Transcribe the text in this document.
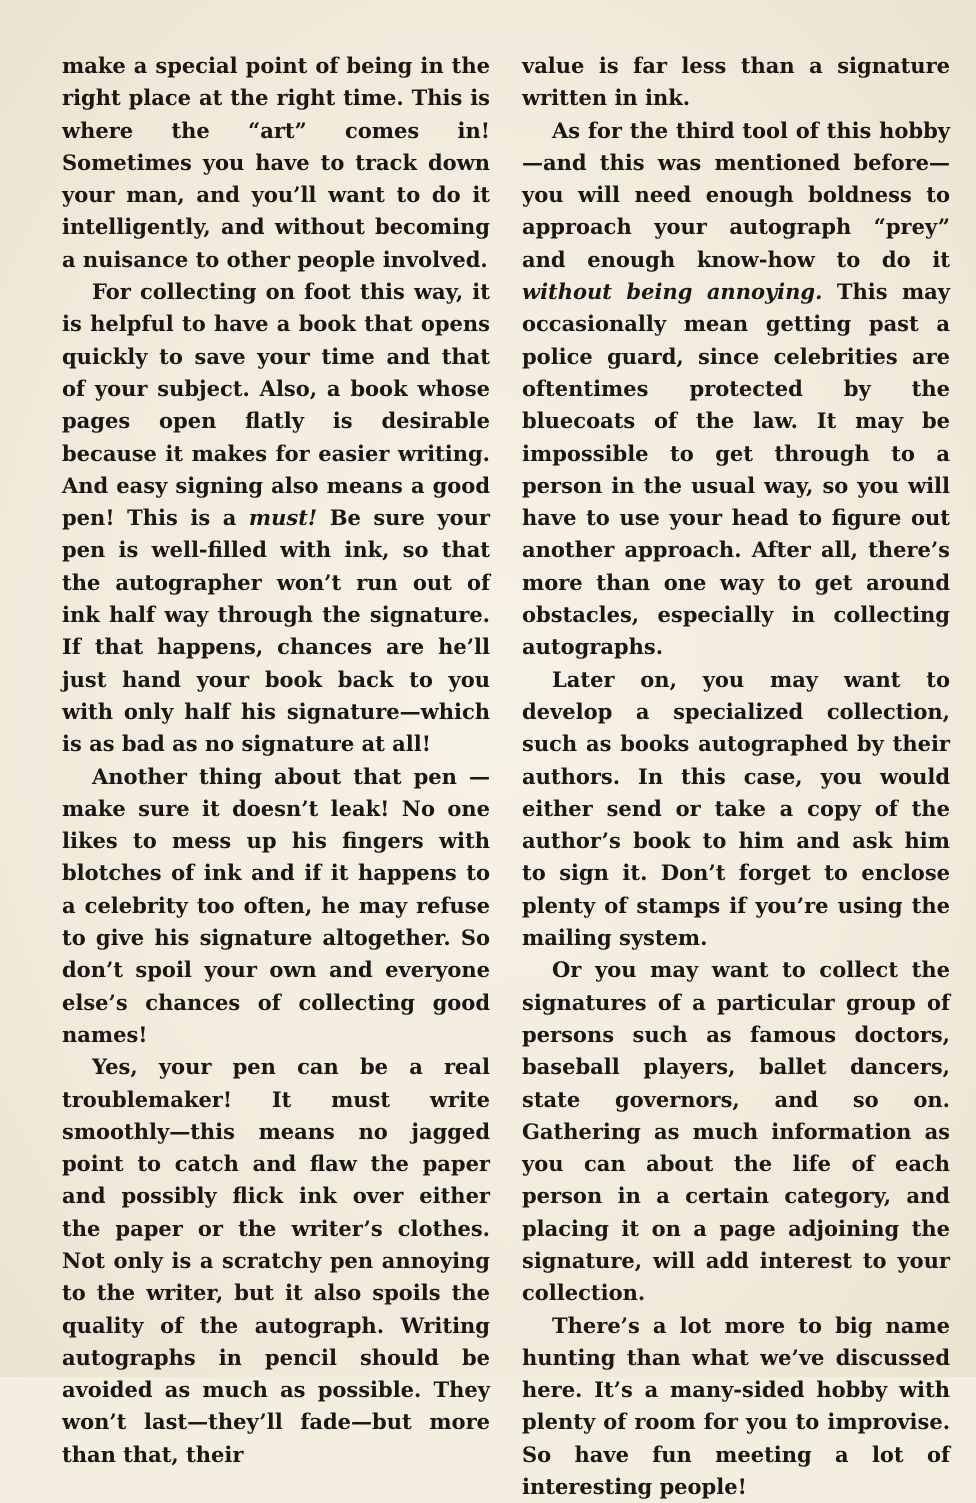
make a special point of being in the right place at the right time. This is where the “art” comes in! Sometimes you have to track down your man, and you’ll want to do it intelligently, and without becoming a nuisance to other people involved.

For collecting on foot this way, it is helpful to have a book that opens quickly to save your time and that of your subject. Also, a book whose pages open flatly is desirable because it makes for easier writing. And easy signing also means a good pen! This is a must! Be sure your pen is well-filled with ink, so that the autographer won’t run out of ink half way through the signature. If that happens, chances are he’ll just hand your book back to you with only half his signature—which is as bad as no signature at all!

Another thing about that pen — make sure it doesn’t leak! No one likes to mess up his fingers with blotches of ink and if it happens to a celebrity too often, he may refuse to give his signature altogether. So don’t spoil your own and everyone else’s chances of collecting good names!

Yes, your pen can be a real troublemaker! It must write smoothly—this means no jagged point to catch and flaw the paper and possibly flick ink over either the paper or the writer’s clothes. Not only is a scratchy pen annoying to the writer, but it also spoils the quality of the autograph. Writing autographs in pencil should be avoided as much as possible. They won’t last—they’ll fade—but more than that, their

value is far less than a signature written in ink.

As for the third tool of this hobby—and this was mentioned before—you will need enough boldness to approach your autograph “prey” and enough know-how to do it without being annoying. This may occasionally mean getting past a police guard, since celebrities are oftentimes protected by the bluecoats of the law. It may be impossible to get through to a person in the usual way, so you will have to use your head to figure out another approach. After all, there’s more than one way to get around obstacles, especially in collecting autographs.

Later on, you may want to develop a specialized collection, such as books autographed by their authors. In this case, you would either send or take a copy of the author’s book to him and ask him to sign it. Don’t forget to enclose plenty of stamps if you’re using the mailing system.

Or you may want to collect the signatures of a particular group of persons such as famous doctors, baseball players, ballet dancers, state governors, and so on. Gathering as much information as you can about the life of each person in a certain category, and placing it on a page adjoining the signature, will add interest to your collection.

There’s a lot more to big name hunting than what we’ve discussed here. It’s a many-sided hobby with plenty of room for you to improvise. So have fun meeting a lot of interesting people!
